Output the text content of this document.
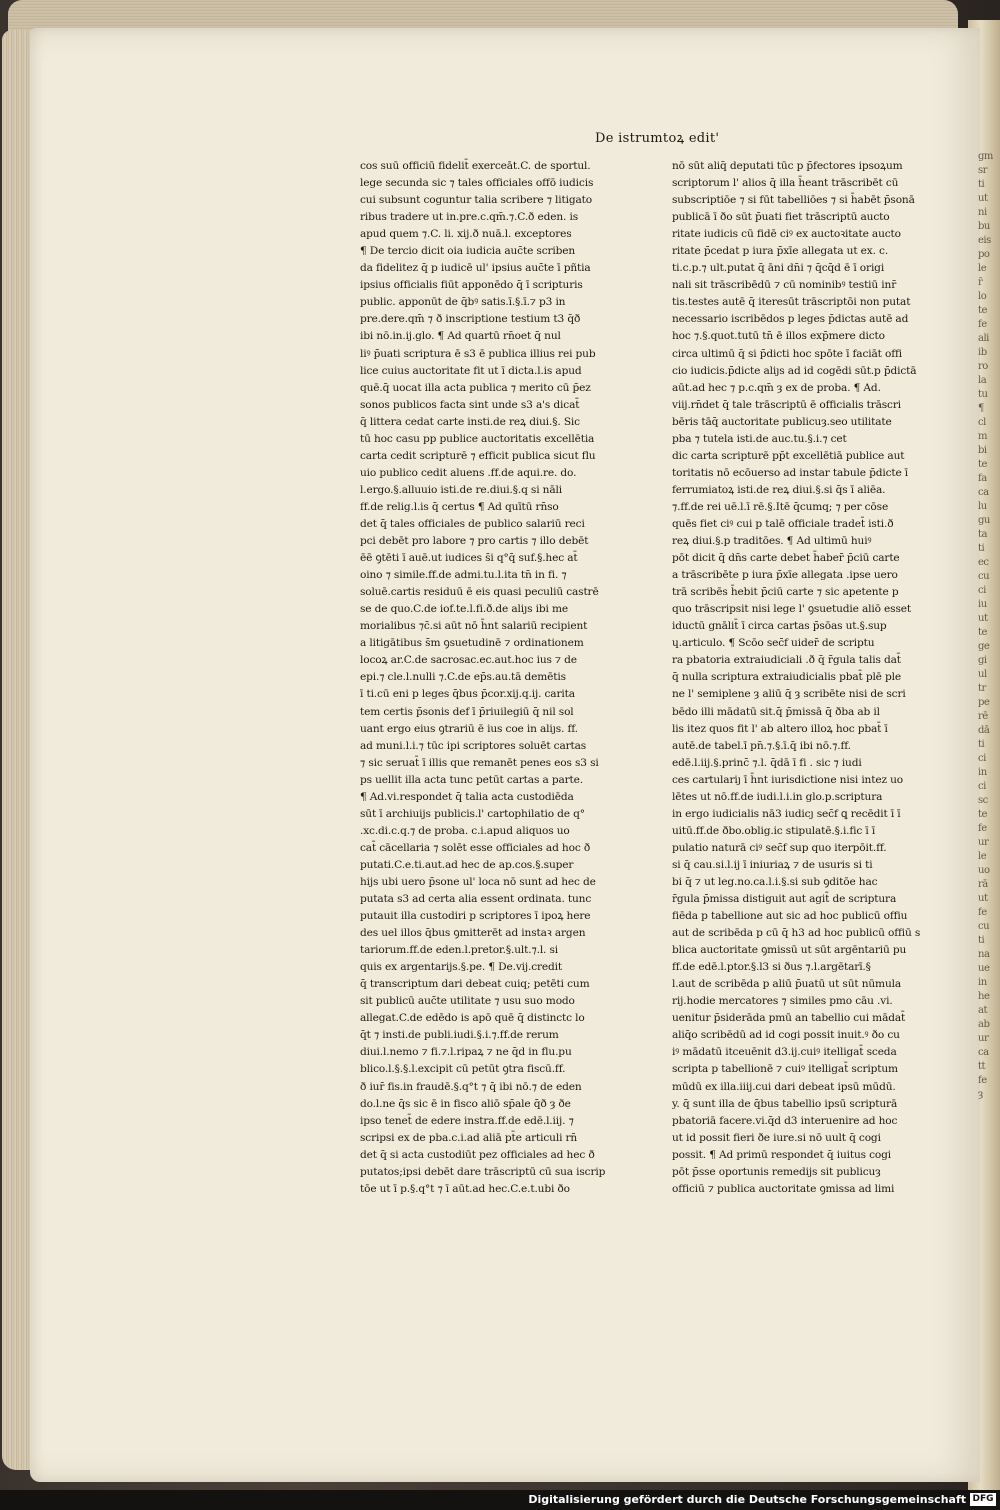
gm
sr
ti
ut
ni
bu
eis
po
le
r̄
lo
te
fe
ali
ib
ro
la
tu
¶
cl
m
bi
te
fa
ca
lu
gu
ta
ti
ec
cu
ci
iu
ut
te
ge
gi
ul
tr
pe
rē
dā
ti
ci
in
ci
sc
te
fe
ur
le
uo
rā
ut
fe
cu
ti
na
ue
in
he
at
ab
ur
ca
tt
fe
ȝ
De istrumtoꝝ edit'
cos suū officiū fidelit̄ exerceāt.C. de sportul.
lege secunda sic ⁊ tales officiales offō iudicis
cui subsunt coguntur talia scribere ⁊ litigato
ribus tradere ut in.pre.c.qm̄.⁊.C.ð eden. is
apud quem ⁊.C. li. xij.ð nuā.l. exceptores
¶ De tercio dicit oia iudicia auc̄te scriben
da fidelitez q̄ p iudicē ul' ipsius auc̄te ī pñtia
ipsius officialis fiūt apponēdo q̄ ī scripturis
public. apponūt de q̄bꝰ satis.ī.§.ī.⁊ p3 in
pre.dere.qm̄ ⁊ ð inscriptione testium t3 q̄ð
ibi nō.in.ij.glo. ¶ Ad quartū rn̄oet q̄ nul
liꝰ p̄uati scriptura ē s3 ē publica illius rei pub
lice cuius auctoritate fit ut ī dicta.l.is apud
quē.q̄ uocat illa acta publica ⁊ merito cū p̄ez
sonos publicos facta sint unde s3 a's dicat̄
q̄ littera cedat carte insti.de reꝝ diui.§. Sic
tū hoc casu pp publice auctoritatis excellētia
carta cedit scripturē ⁊ efficit publica sicut flu
uio publico cedit aluens .ff.de aqui.re. do.
l.ergo.§.alluuio isti.de re.diui.§.q si nāli
ff.de relig.l.is q̄ certus ¶ Ad quītū rn̄so
det q̄ tales officiales de publico salariū reci
pci debēt pro labore ⁊ pro cartis ⁊ illo debēt
ēē ꝯtēti ī auē.ut iudices s̄i q°q̄ suf.§.hec at̄
oino ⁊ simile.ff.de admi.tu.l.ita tn̄ in fi. ⁊
soluē.cartis residuū ē eis quasi peculiū castrē
se de quo.C.de iof.te.l.fi.ð.de aliȷs ibi me
morialibus ⁊c̄.si aūt nō h̄nt salariū recipient
a litigātibus s̄m ꝯsuetudinē ⁊ ordinationem
locoꝝ ar.C.de sacrosac.ec.aut.hoc ius ⁊ de
epi.⁊ cle.l.nulli ⁊.C.de ep̄s.au.tā demētis
ī ti.cū eni p leges q̄bus p̄cor.xij.q.ij. carita
tem certis p̄sonis def ī p̄riuilegiū q̄ nil sol
uant ergo eius ꝯtrariū ē ius coe in aliȷs. ff.
ad muni.l.i.⁊ tūc ipi scriptores soluēt cartas
⁊ sic seruat̄ ī illis que remanēt penes eos s3 si
ps uellit illa acta tunc petūt cartas a parte.
¶ Ad.vi.respondet q̄ talia acta custodiēda
sūt ī archiuijs publicis.l' cartophilatio de q°
.xc.di.c.q.⁊ de proba. c.i.apud aliquos uo
cat̄ cācellaria ⁊ solēt esse officiales ad hoc ð
putati.C.e.ti.aut.ad hec de ap.cos.§.super
hijs ubi uero p̄sone ul' loca nō sunt ad hec de
putata s3 ad certa alia essent ordinata. tunc
putauit illa custodiri p scriptores ī ipoꝝ here
des uel illos q̄bus ꝯmitterēt ad instaꝛ argen
tariorum.ff.de eden.l.pretor.§.ult.⁊.l. si
quis ex argentarijs.§.pe. ¶ De.vij.credit
q̄ transcriptum dari debeat cuiq; petēti cum
sit publicū auc̄te utilitate ⁊ usu suo modo
allegat.C.de edēdo is apō quē q̄ distinctc lo
q̄t ⁊ insti.de publi.iudi.§.i.⁊.ff.de rerum
diui.l.nemo ⁊ fi.⁊.l.ripaꝝ ⁊ ne q̄d in flu.pu
blico.l.§.§.l.excipit cū petūt ꝯtra fiscū.ff.
ð iur̄ fis.in fraudē.§.q°t ⁊ q̄ ibi nō.⁊ de eden
do.l.ne q̄s sic ē in fisco aliō sp̄ale q̄ð ȝ ðe
ipso tenet̄ de edere instra.ff.de edē.l.iij. ⁊
scripsi ex de pba.c.i.ad aliā pt̄e articuli rn̄
det q̄ si acta custodiūt pez officiales ad hec ð
putatos;ipsi debēt dare trāscriptū cū sua iscrip
tōe ut ī p.§.q°t ⁊ ī aūt.ad hec.C.e.t.ubi ðo
nō sūt aliq̄ deputati tūc p p̄fectores ipsoꝝum
scriptorum l' alios q̄ illa h̄eant trāscribēt cū
subscriptiōe ⁊ si fūt tabelliōes ⁊ si h̄abēt p̄sonā
publicā ī ðo sūt p̄uati fiet trāscriptū aucto
ritate iudicis cū fidē ciꝰ ex auctoꝛitate aucto
ritate p̄cedat p iura p̄xīe allegata ut ex. c.
ti.c.p.⁊ ult.putat q̄ āni dn̄i ⁊ q̄cq̄d ē ī origi
nali sit trāscribēdū ⁊ cū nominibꝰ testiū inr̄
tis.testes autē q̄ iteresūt trāscriptōi non putat
necessario iscribēdos p leges p̄dictas autē ad
hoc ⁊.§.quot.tutū tn̄ ē illos exp̄mere dicto
circa ultimū q̄ si p̄dicti hoc spōte ī faciāt offi
cio iudicis.p̄dicte aliȷs ad id cogēdi sūt.p p̄dictā
aūt.ad hec ⁊ p.c.qm̄ ȝ ex de proba. ¶ Ad.
viij.rn̄det q̄ tale trāscriptū ē officialis trāscri
bēris tāq̄ auctoritate publicuȝ.seo utilitate
pba ⁊ tutela isti.de auc.tu.§.i.⁊ cet
dic carta scripturē pp̄t excellētiā publice aut
toritatis nō ecōuerso ad instar tabule p̄dicte ī
ferrumiatoꝝ isti.de reꝝ diui.§.si q̄s ī aliēa.
⁊.ff.de rei uē.l.ī rē.§.Itē q̄cumq; ⁊ per cōse
quēs fiet ciꝰ cui p talē officiale tradet̄ isti.ð
reꝝ diui.§.p traditōes. ¶ Ad ultimū huiꝰ
pōt dicit q̄ dn̄s carte debet h̄aber̄ p̄ciū carte
a trāscribēte p iura p̄xīe allegata .ipse uero
trā scribēs h̄ebit p̄ciū carte ⁊ sic apetente p
quo trāscripsit nisi lege l' ꝯsuetudie aliō esset
iductū gnālit̄ ī circa cartas p̄sōas ut.§.sup
ɥ.articulo. ¶ Scōo sec̄f uider̄ de scriptu
ra pbatoria extraiudiciali .ð q̄ r̄gula talis dat̄
q̄ nulla scriptura extraiudicialis pbat̄ plē ple
ne l' semiplene ȝ aliū q̄ ȝ scribēte nisi de scri
bēdo illi mādatū sit.q̄ p̄missā q̄ ðba ab il
lis itez quos fit l' ab altero illoꝝ hoc pbat̄ ī
autē.de tabel.ī pn̄.⁊.§.ī.q̄ ibi nō.⁊.ff.
edē.l.iij.§.princ̄ ⁊.l. q̄dā ī fi . sic ⁊ iudi
ces cartulariȷ ī h̄nt iurisdictione nisi intez uo
lētes ut nō.ff.de iudi.l.i.in glo.p.scriptura
in ergo iudicialis nā3 iudicȷ sec̄f ꝗ recēdit ī ī
uitū.ff.de ðbo.oblig.i̇c stipulatē.§.i.fic ī ī
pulatio naturā ciꝰ sec̄f sup quo iterpōit.ff.
si q̄ cau.si.l.ij ī iniuriaꝝ ⁊ de usuris si ti
bi q̄ ⁊ ut leg.no.ca.l.i.§.si sub ꝯditōe hac
r̄gula p̄missa distiguit aut agit̄ de scriptura
fiēda p tabellione aut sic ad hoc publicū offiu
aut de scribēda p cū q̄ h3 ad hoc publicū offiū s
blica auctoritate ꝯmissū ut sūt argēntariū pu
ff.de edē.l.ptor.§.l3 si ðus ⁊.l.argētarī.§
l.aut de scribēda p aliū p̄uatū ut sūt nūmula
rij.hodie mercatores ⁊ similes pmo cāu .vi.
uenitur p̄siderāda pmū an tabellio cui mādat̄
aliq̄o scribēdū ad id cogi possit inuit.ꝰ ðo cu
iꝰ mādatū itceuēnit d3.ij.cuiꝰ itelligat̄ sceda
scripta p tabellionē ⁊ cuiꝰ itelligat̄ scriptum
mūdū ex illa.iiij.cui dari debeat ipsū mūdū.
y. q̄ sunt illa de q̄bus tabellio ipsū scripturā
pbatoriā facere.vi.q̄d d3 interuenire ad hoc
ut id possit fieri ðe iure.si nō uult q̄ cogi
possit. ¶ Ad primū respondet q̄ iuitus cogi
pōt p̄sse oportunis remedijs sit publicuȝ
officiū ⁊ publica auctoritate ꝯmissa ad limi
Digitalisierung gefördert durch die Deutsche Forschungsgemeinschaft DFG
